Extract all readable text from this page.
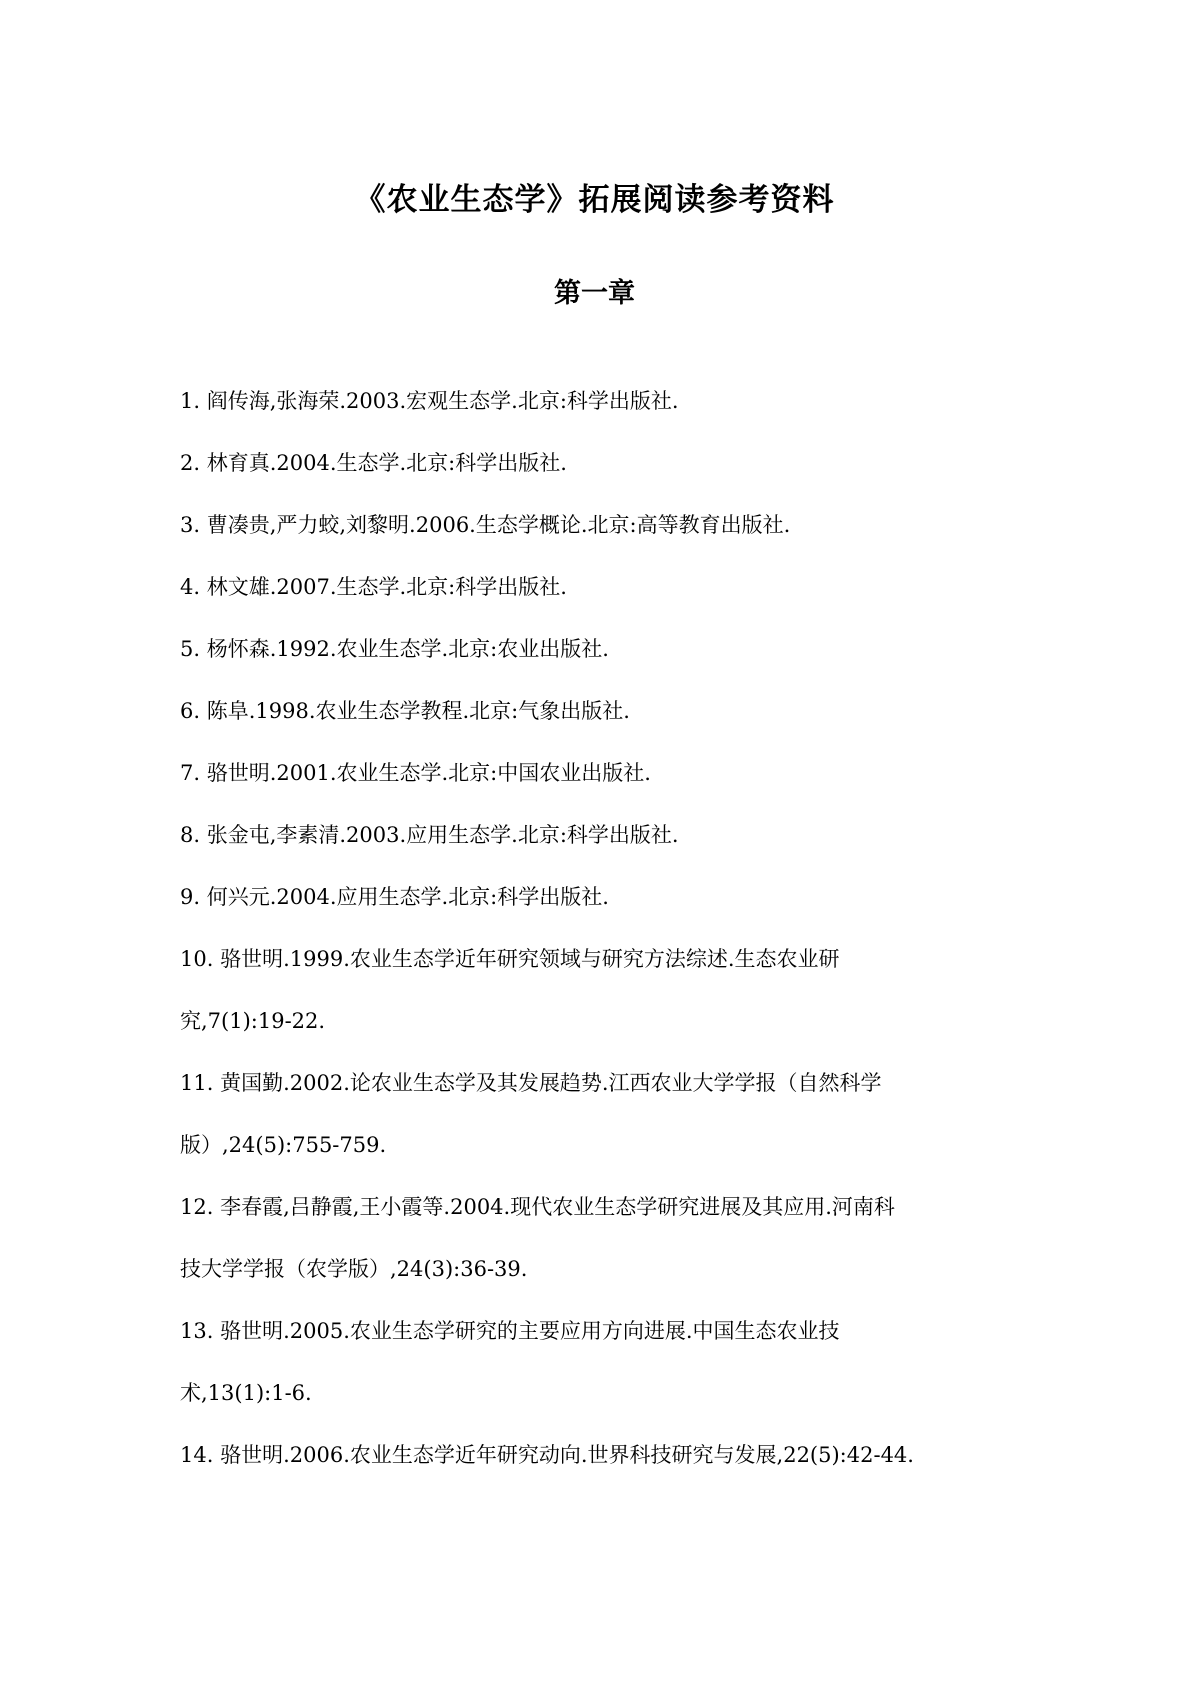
《农业生态学》拓展阅读参考资料
第一章
1. 阎传海,张海荣.2003.宏观生态学.北京:科学出版社.
2. 林育真.2004.生态学.北京:科学出版社.
3. 曹凑贵,严力蛟,刘黎明.2006.生态学概论.北京:高等教育出版社.
4. 林文雄.2007.生态学.北京:科学出版社.
5. 杨怀森.1992.农业生态学.北京:农业出版社.
6. 陈阜.1998.农业生态学教程.北京:气象出版社.
7. 骆世明.2001.农业生态学.北京:中国农业出版社.
8. 张金屯,李素清.2003.应用生态学.北京:科学出版社.
9. 何兴元.2004.应用生态学.北京:科学出版社.
10. 骆世明.1999.农业生态学近年研究领域与研究方法综述.生态农业研
究,7(1):19-22.
11. 黄国勤.2002.论农业生态学及其发展趋势.江西农业大学学报（自然科学
版）,24(5):755-759.
12. 李春霞,吕静霞,王小霞等.2004.现代农业生态学研究进展及其应用.河南科
技大学学报（农学版）,24(3):36-39.
13. 骆世明.2005.农业生态学研究的主要应用方向进展.中国生态农业技
术,13(1):1-6.
14. 骆世明.2006.农业生态学近年研究动向.世界科技研究与发展,22(5):42-44.
